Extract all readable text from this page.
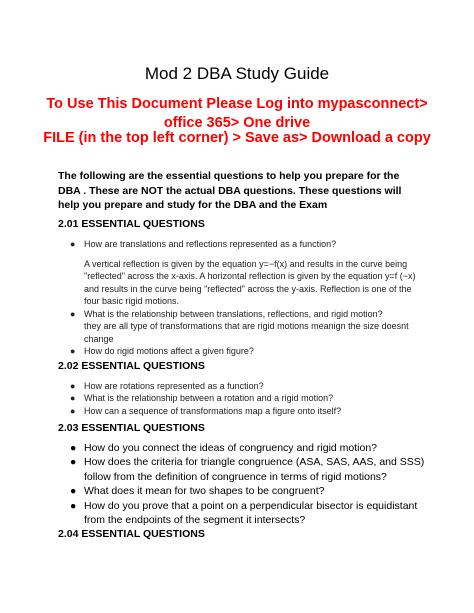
Mod 2 DBA Study Guide
To Use This Document Please Log into mypasconnect> office 365> One drive
FILE (in the top left corner) > Save as> Download a copy
The following are the essential questions to help you prepare for the DBA . These are NOT the actual DBA questions. These questions will help you prepare and study for the DBA and the Exam
2.01 ESSENTIAL QUESTIONS
● How are translations and reflections represented as a function?
A vertical reflection is given by the equation y=−f(x) and results in the curve being "reflected" across the x-axis. A horizontal reflection is given by the equation y=f (−x) and results in the curve being "reflected" across the y-axis. Reflection is one of the four basic rigid motions.
● What is the relationship between translations, reflections, and rigid motion?
they are all type of transformations that are rigid motions meanign the size doesnt change
● How do rigid motions affect a given figure?
2.02 ESSENTIAL QUESTIONS
● How are rotations represented as a function?
● What is the relationship between a rotation and a rigid motion?
● How can a sequence of transformations map a figure onto itself?
2.03 ESSENTIAL QUESTIONS
● How do you connect the ideas of congruency and rigid motion?
● How does the criteria for triangle congruence (ASA, SAS, AAS, and SSS) follow from the definition of congruence in terms of rigid motions?
● What does it mean for two shapes to be congruent?
● How do you prove that a point on a perpendicular bisector is equidistant from the endpoints of the segment it intersects?
2.04 ESSENTIAL QUESTIONS
